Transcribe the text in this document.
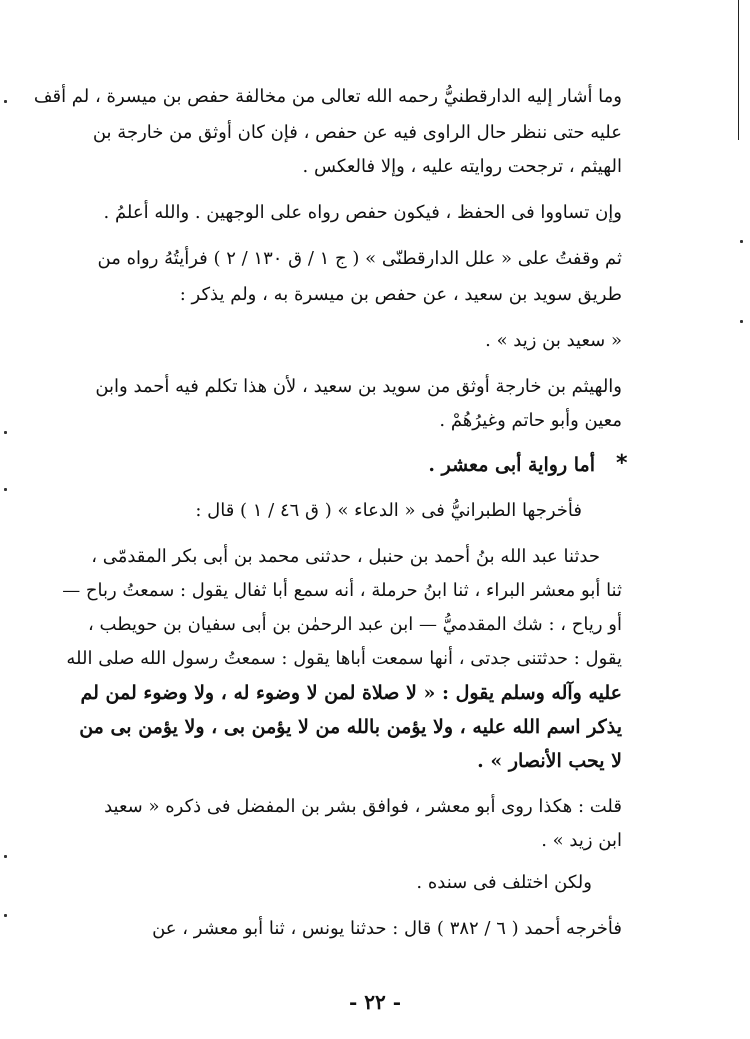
وما أشار إليه الدارقطنيُّ رحمه الله تعالى من مخالفة حفص بن ميسرة ، لم أقف
عليه حتى ننظر حال الراوى فيه عن حفص ، فإن كان أوثق من خارجة بن
الهيثم ، ترجحت روايته عليه ، وإلا فالعكس .
وإن تساووا فى الحفظ ، فيكون حفص رواه على الوجهين . والله أعلمُ .
ثم وقفتُ على « علل الدارقطنّى » ( ج ١ / ق ١٣٠ / ٢ ) فرأيتُهُ رواه من
طريق سويد بن سعيد ، عن حفص بن ميسرة به ، ولم يذكر :
« سعيد بن زيد » .
والهيثم بن خارجة أوثق من سويد بن سعيد ، لأن هذا تكلم فيه أحمد وابن
معين وأبو حاتم وغيرُهُمْ .
*
أما رواية أبى معشر .
فأخرجها الطبرانيُّ فى « الدعاء » ( ق ٤٦ / ١ ) قال :
حدثنا عبد الله بنُ أحمد بن حنبل ، حدثنى محمد بن أبى بكر المقدمّى ،
ثنا أبو معشر البراء ، ثنا ابنُ حرملة ، أنه سمع أبا ثفال يقول : سمعتُ رباح —
أو رياح ، : شك المقدميُّ — ابن عبد الرحمٰن بن أبى سفيان بن حويطب ،
يقول : حدثتنى جدتى ، أنها سمعت أباها يقول : سمعتُ رسول الله صلى الله
عليه وآله وسلم يقول : « لا صلاة لمن لا وضوء له ، ولا وضوء لمن لم
يذكر اسم الله عليه ، ولا يؤمن بالله من لا يؤمن بى ، ولا يؤمن بى من
لا يحب الأنصار » .
قلت : هكذا روى أبو معشر ، فوافق بشر بن المفضل فى ذكره « سعيد
ابن زيد » .
ولكن اختلف فى سنده .
فأخرجه أحمد ( ٦ / ٣٨٢ ) قال : حدثنا يونس ، ثنا أبو معشر ، عن
- ٢٢ -
